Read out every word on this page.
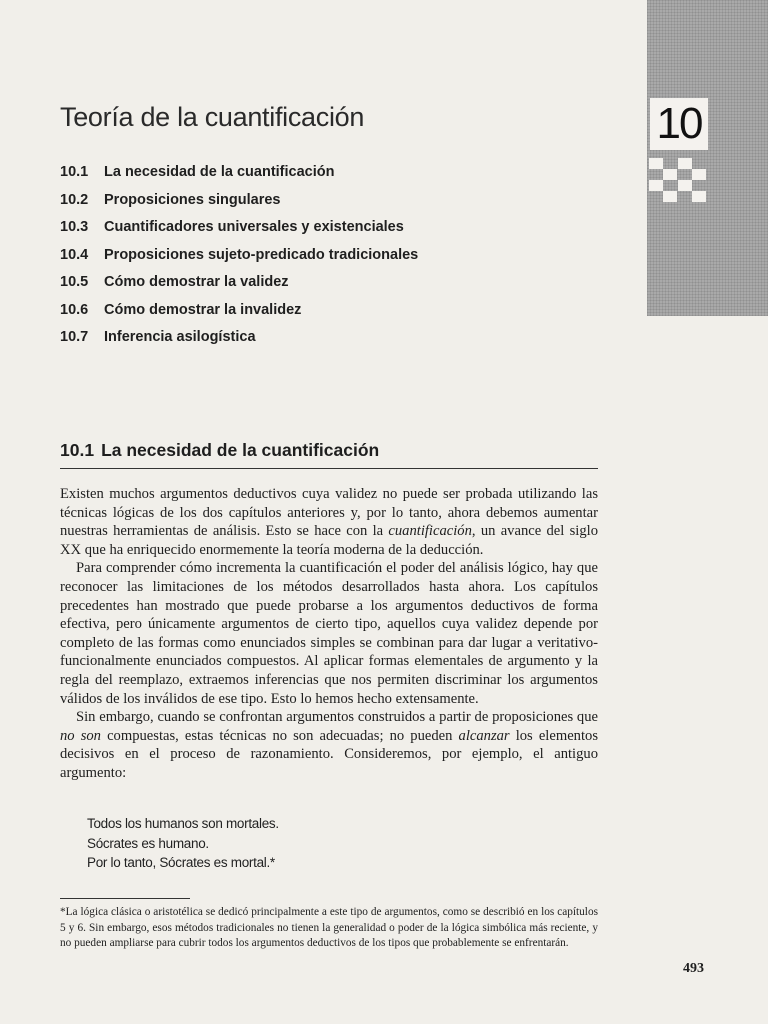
10
Teoría de la cuantificación
10.1 La necesidad de la cuantificación
10.2 Proposiciones singulares
10.3 Cuantificadores universales y existenciales
10.4 Proposiciones sujeto-predicado tradicionales
10.5 Cómo demostrar la validez
10.6 Cómo demostrar la invalidez
10.7 Inferencia asilogística
10.1 La necesidad de la cuantificación

Existen muchos argumentos deductivos cuya validez no puede ser probada utilizando las técnicas lógicas de los dos capítulos anteriores y, por lo tanto, ahora debemos aumentar nuestras herramientas de análisis. Esto se hace con la cuantificación, un avance del siglo XX que ha enriquecido enormemente la teoría moderna de la deducción.

Para comprender cómo incrementa la cuantificación el poder del análisis lógico, hay que reconocer las limitaciones de los métodos desarrollados hasta ahora. Los capítulos precedentes han mostrado que puede probarse a los argumentos deductivos de forma efectiva, pero únicamente argumentos de cierto tipo, aquellos cuya validez depende por completo de las formas como enunciados simples se combinan para dar lugar a veritativo-funcionalmente enunciados compuestos. Al aplicar formas elementales de argumento y la regla del reemplazo, extraemos inferencias que nos permiten discriminar los argumentos válidos de los inválidos de ese tipo. Esto lo hemos hecho extensamente.

Sin embargo, cuando se confrontan argumentos construidos a partir de proposiciones que no son compuestas, estas técnicas no son adecuadas; no pueden alcanzar los elementos decisivos en el proceso de razonamiento. Consideremos, por ejemplo, el antiguo argumento:

Todos los humanos son mortales.
Sócrates es humano.
Por lo tanto, Sócrates es mortal.*

*La lógica clásica o aristotélica se dedicó principalmente a este tipo de argumentos, como se describió en los capítulos 5 y 6. Sin embargo, esos métodos tradicionales no tienen la generalidad o poder de la lógica simbólica más reciente, y no pueden ampliarse para cubrir todos los argumentos deductivos de los tipos que probablemente se enfrentarán.

493
